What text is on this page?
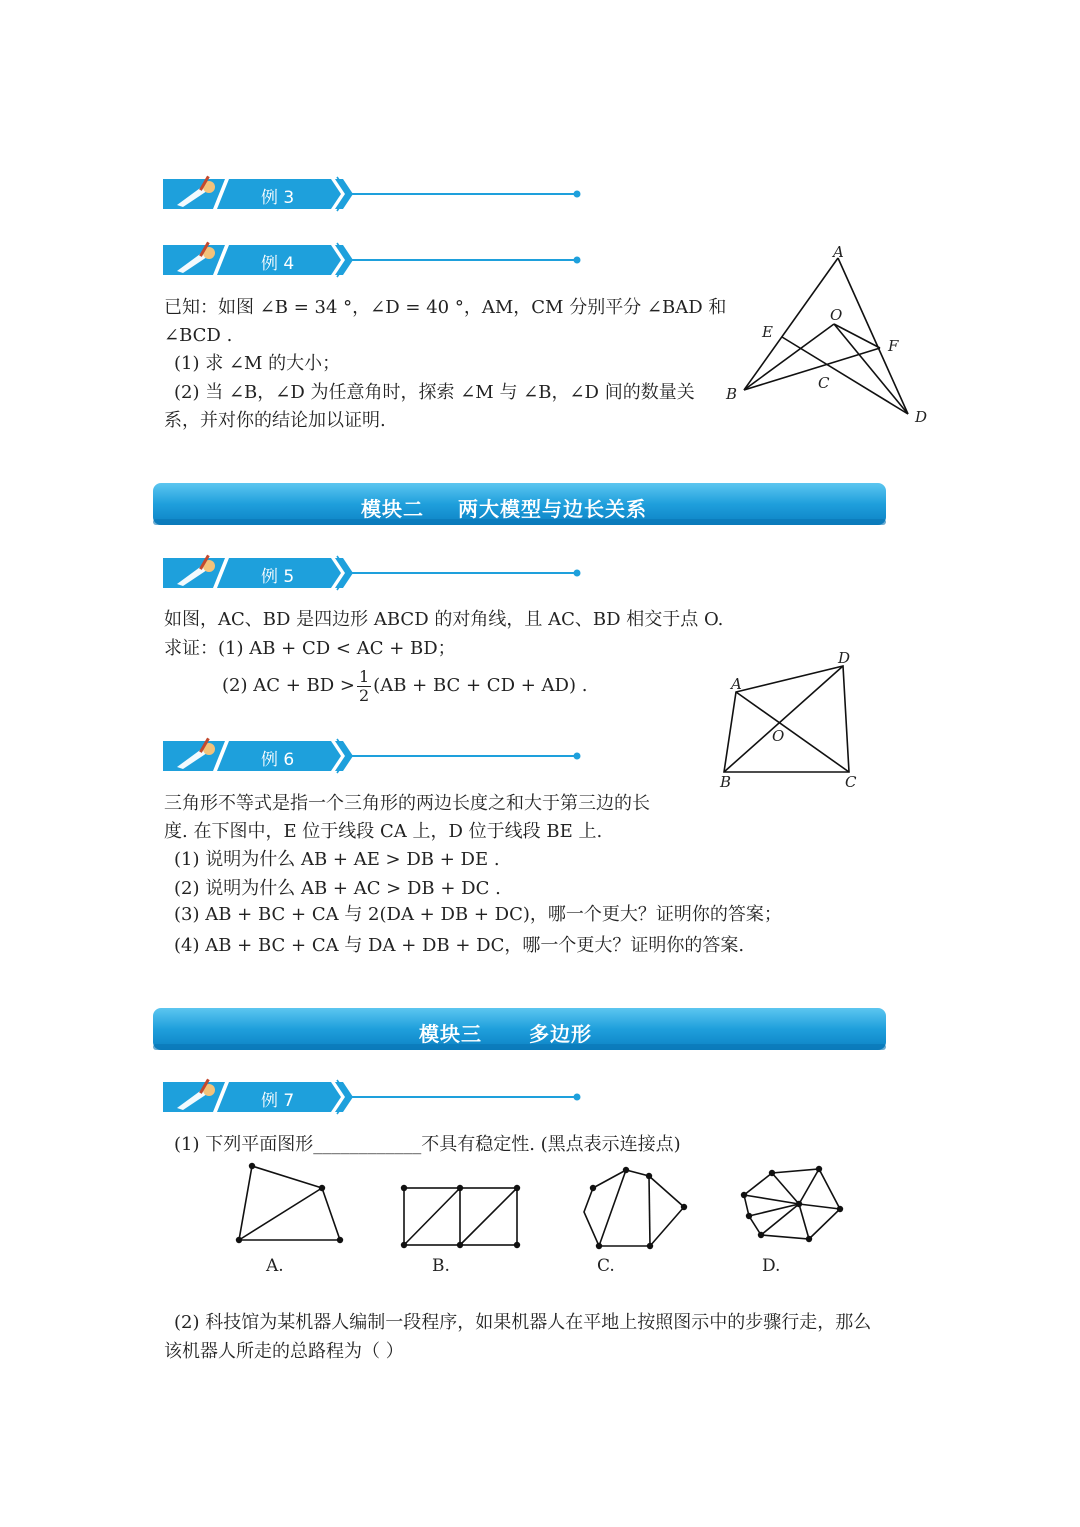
例 3
例 4
已知：如图 ∠B = 34 °，∠D = 40 °，AM，CM 分别平分 ∠BAD 和
∠BCD .
(1) 求 ∠M 的大小；
(2) 当 ∠B，∠D 为任意角时，探索 ∠M 与 ∠B，∠D 间的数量关
系，并对你的结论加以证明.
A
O
E
F
B
C
D
模块二 两大模型与边长关系
例 5
如图，AC、BD 是四边形 ABCD 的对角线，且 AC、BD 相交于点 O.
求证：(1) AB + CD < AC + BD；
(2) AC + BD > $\frac{1}{2} (AB$ + BC + CD + AD) .	A
D
O
B	C
例 6
三角形不等式是指一个三角形的两边长度之和大于第三边的长
度. 在下图中，E 位于线段 CA 上，D 位于线段 BE 上.
(1) 说明为什么 AB + AE > DB + DE .
(2) 说明为什么 AB + AC > DB + DC .
(3) AB + BC + CA 与 2(DA + DB + DC)，哪一个更大？证明你的答案；
(4) AB + BC + CA 与 DA + DB + DC，哪一个更大？证明你的答案.
模块三 多边形
例 7
(1) 下列平面图形____________不具有稳定性. (黑点表示连接点)
A.	B.	C.	D.
(2) 科技馆为某机器人编制一段程序，如果机器人在平地上按照图示中的步骤行走，那么
该机器人所走的总路程为（ ）
